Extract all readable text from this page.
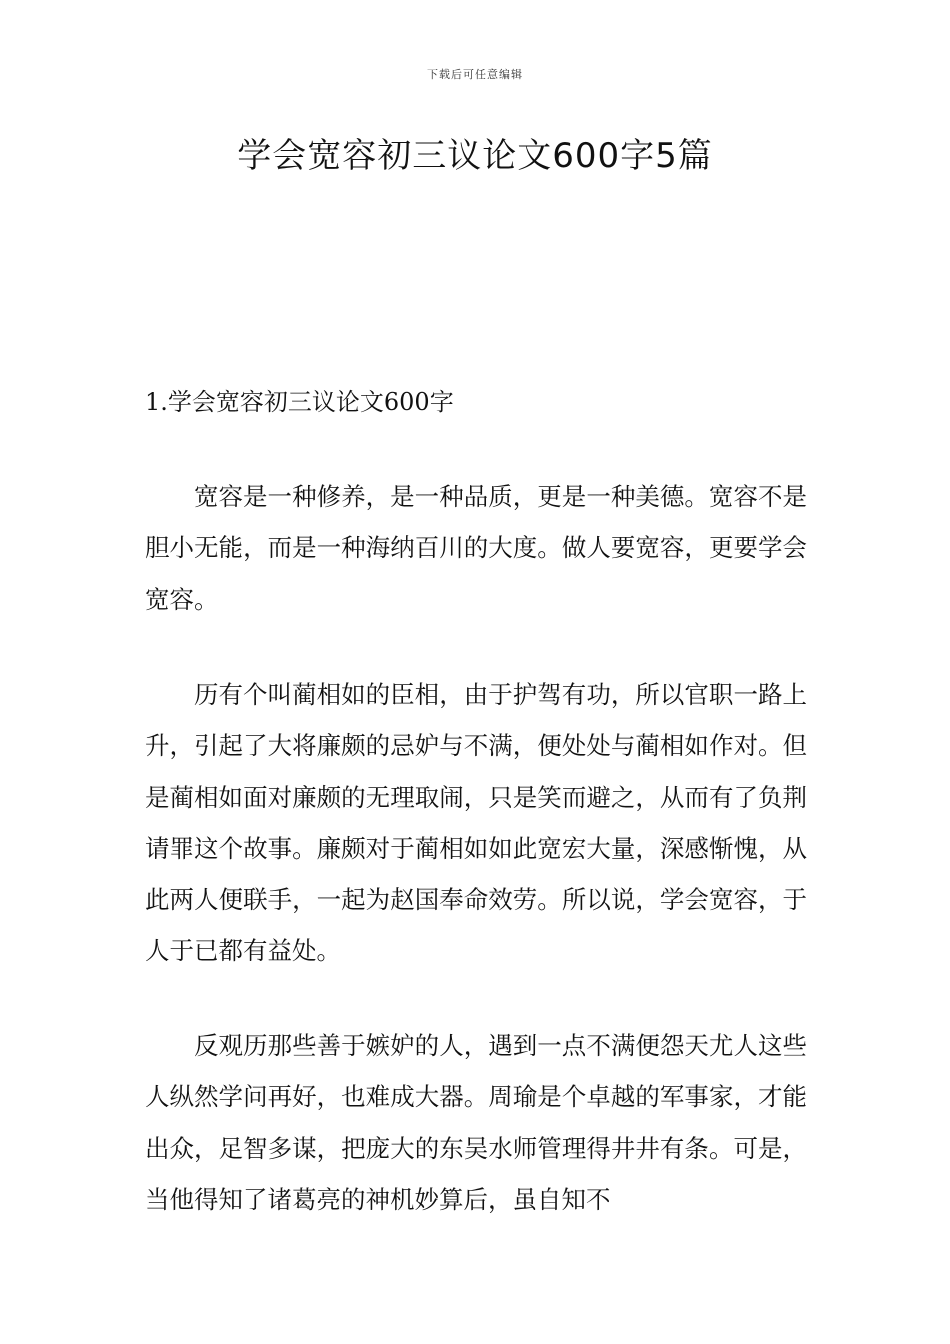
下载后可任意编辑
学会宽容初三议论文600字5篇
1.学会宽容初三议论文600字

宽容是一种修养，是一种品质，更是一种美德。宽容不是胆小无能，而是一种海纳百川的大度。做人要宽容，更要学会宽容。

历有个叫蔺相如的臣相，由于护驾有功，所以官职一路上升，引起了大将廉颇的忌妒与不满，便处处与蔺相如作对。但是蔺相如面对廉颇的无理取闹，只是笑而避之，从而有了负荆请罪这个故事。廉颇对于蔺相如如此宽宏大量，深感惭愧，从此两人便联手，一起为赵国奉命效劳。所以说，学会宽容，于人于已都有益处。

反观历那些善于嫉妒的人，遇到一点不满便怨天尤人这些人纵然学问再好，也难成大器。周瑜是个卓越的军事家，才能出众，足智多谋，把庞大的东吴水师管理得井井有条。可是，当他得知了诸葛亮的神机妙算后，虽自知不
